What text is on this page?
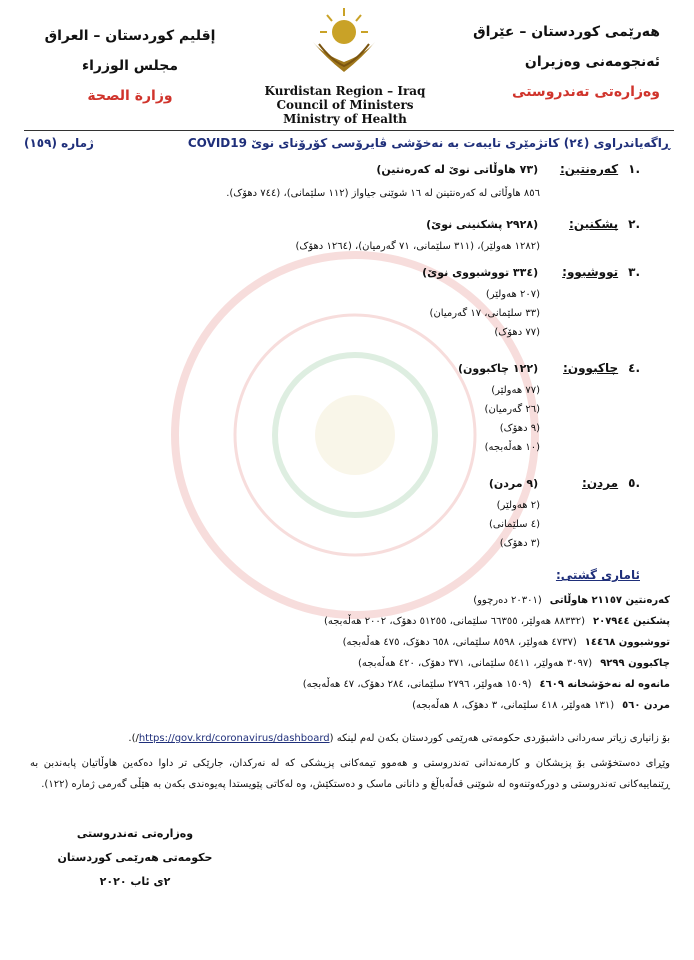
إقليم كوردستان – العراق
مجلس الوزراء
وزارة الصحة	Kurdistan Region – Iraq
Council of Ministers
Ministry of Health
هەرێمی کوردستان – عێراق
ئەنجومەنی وەزیران
وەزارەتی تەندروستی
ڕاگەیاندراوی (٢٤) کاتژمێری تایبەت بە نەخۆشی ڤایرۆسی کۆرۆنای نوێ COVID19
ژمارە (١٥٩)
.١
کەرەنتین:
(٧٣ هاوڵاتی نوێ لە کەرەنتین)
٨٥٦ هاوڵاتی لە کەرەنتینن لە ١٦ شوێنی جیاواز (١١٢ سلێمانی)، (٧٤٤ دهۆک).
.٢
پشکنین:
(٢٩٢٨ پشکنینی نوێ)
(١٢٨٢ هەولێر)، (٣١١ سلێمانی، ٧١ گەرمیان)، (١٢٦٤ دهۆک)
.٣
تووشبوو:
(٣٣٤ تووشبووی نوێ)
(٢٠٧ هەولێر)
(٣٣ سلێمانی، ١٧ گەرمیان)
(٧٧ دهۆک)
.٤
چاکبوون:
(١٢٢ چاکبوون)
(٧٧ هەولێر)
(٢٦ گەرمیان)
(٩ دهۆک)
(١٠ هەڵەبجە)
.٥
مردن:
(٩ مردن)
(٢ هەولێر)
(٤ سلێمانی)
(٣ دهۆک)
ئاماری گشتی:
کەرەنتین ٢١١٥٧ هاوڵاتی
(٢٠٣٠١ دەرچوو)
پشکنین ٢٠٧٩٤٤
(٨٨٣٣٢ هەولێر، ٦٦٣٥٥ سلێمانی، ٥١٢٥٥ دهۆک، ٢٠٠٢ هەڵەبجە)
تووشبوون ١٤٤٦٨
(٤٧٣٧ هەولێر، ٨٥٩٨ سلێمانی، ٦٥٨ دهۆک، ٤٧٥ هەڵەبجە)
چاکبوون ٩٢٩٩
(٣٠٩٧ هەولێر، ٥٤١١ سلێمانی، ٣٧١ دهۆک، ٤٢٠ هەڵەبجە)
مانەوە لە نەخۆشخانە ٤٦٠٩
(١٥٠٩ هەولێر، ٢٧٩٦ سلێمانی، ٢٨٤ دهۆک، ٤٧ هەڵەبجە)
مردن ٥٦٠
(١٣١ هەولێر، ٤١٨ سلێمانی، ٣ دهۆک، ٨ هەڵەبجە)
بۆ زانیاری زیاتر سەردانی داشبۆردی حکومەتی هەرێمی کوردستان بکەن لەم لینکە (https://gov.krd/coronavirus/dashboard/).
وێڕای دەستخۆشی بۆ پزیشکان و کارمەندانی تەندروستی و هەموو تیمەکانی پزیشکی کە لە نەرکدان، جارێکی تر داوا دەکەین هاوڵاتیان پابەندبن بە ڕێنماییەکانی تەندروستی و دورکەوتنەوە لە شوێنی قەڵەباڵغ و دانانی ماسک و دەستکێش، وە لەکاتی پێویستدا پەیوەندی بکەن بە هێڵی گەرمی ژمارە (١٢٢).
وەزارەتی تەندروستی
حکومەتی هەرێمی کوردستان
٢ی ئاب ٢٠٢٠
